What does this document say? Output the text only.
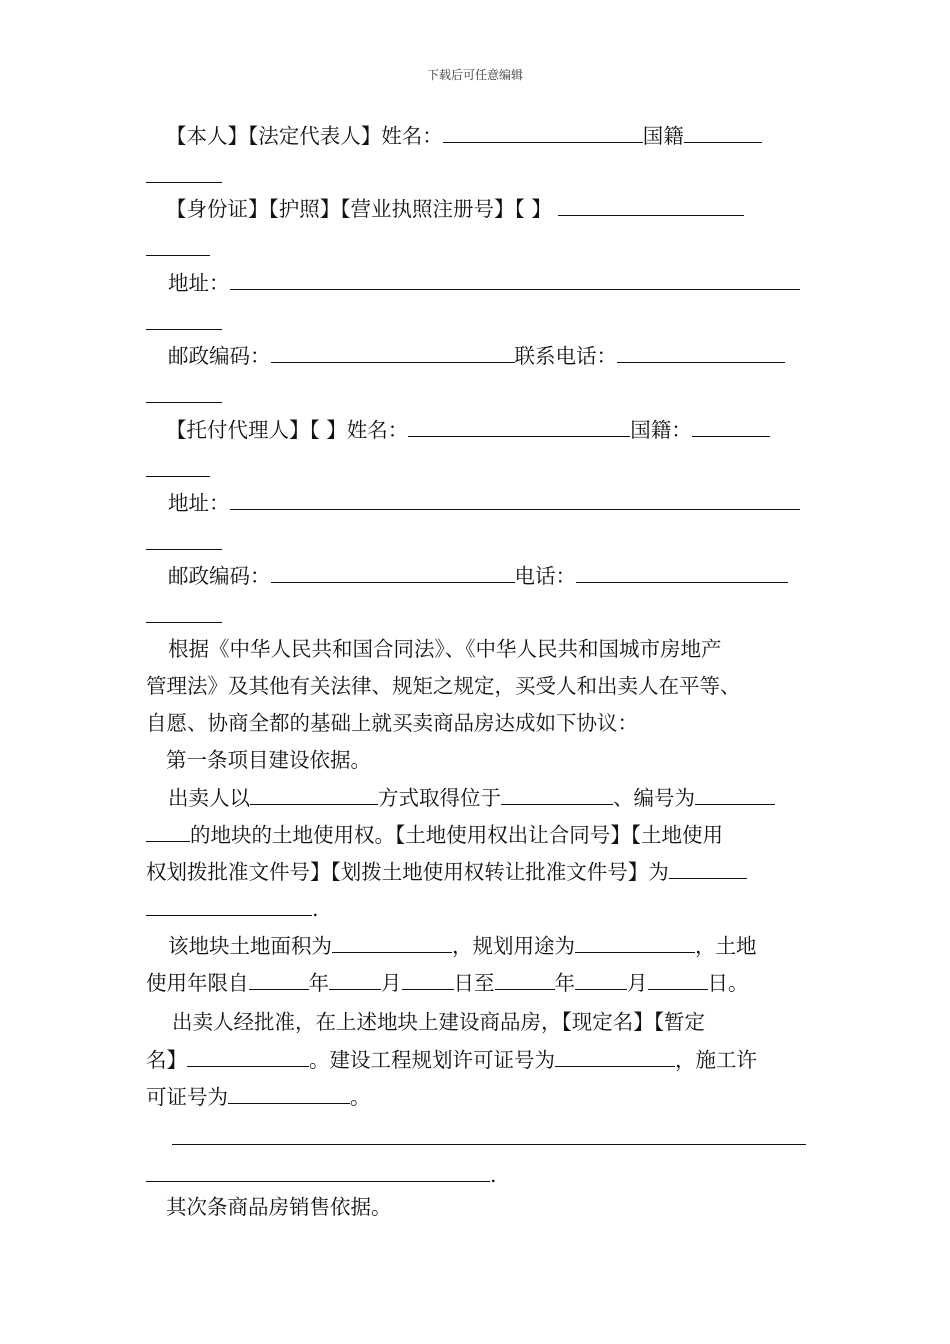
下载后可任意编辑
【本人】【法定代表人】姓名：	国籍
【身份证】【护照】【营业执照注册号】【 】
地址：
邮政编码：	联系电话：
【托付代理人】【 】姓名：	国籍：
地址：
邮政编码：	电话：
根据《中华人民共和国合同法》、《中华人民共和国城市房地产
管理法》及其他有关法律、规矩之规定，买受人和出卖人在平等、
自愿、协商全都的基础上就买卖商品房达成如下协议：
第一条项目建设依据。
出卖人以	方式取得位于	、编号为
的地块的土地使用权。【土地使用权出让合同号】【土地使用
权划拨批准文件号】【划拨土地使用权转让批准文件号】为
.
该地块土地面积为	，规划用途为	，土地
使用年限自	年	月	日至	年	月	日。
出卖人经批准，在上述地块上建设商品房，【现定名】【暂定
名】	。建设工程规划许可证号为	，施工许
可证号为	。
.
其次条商品房销售依据。
